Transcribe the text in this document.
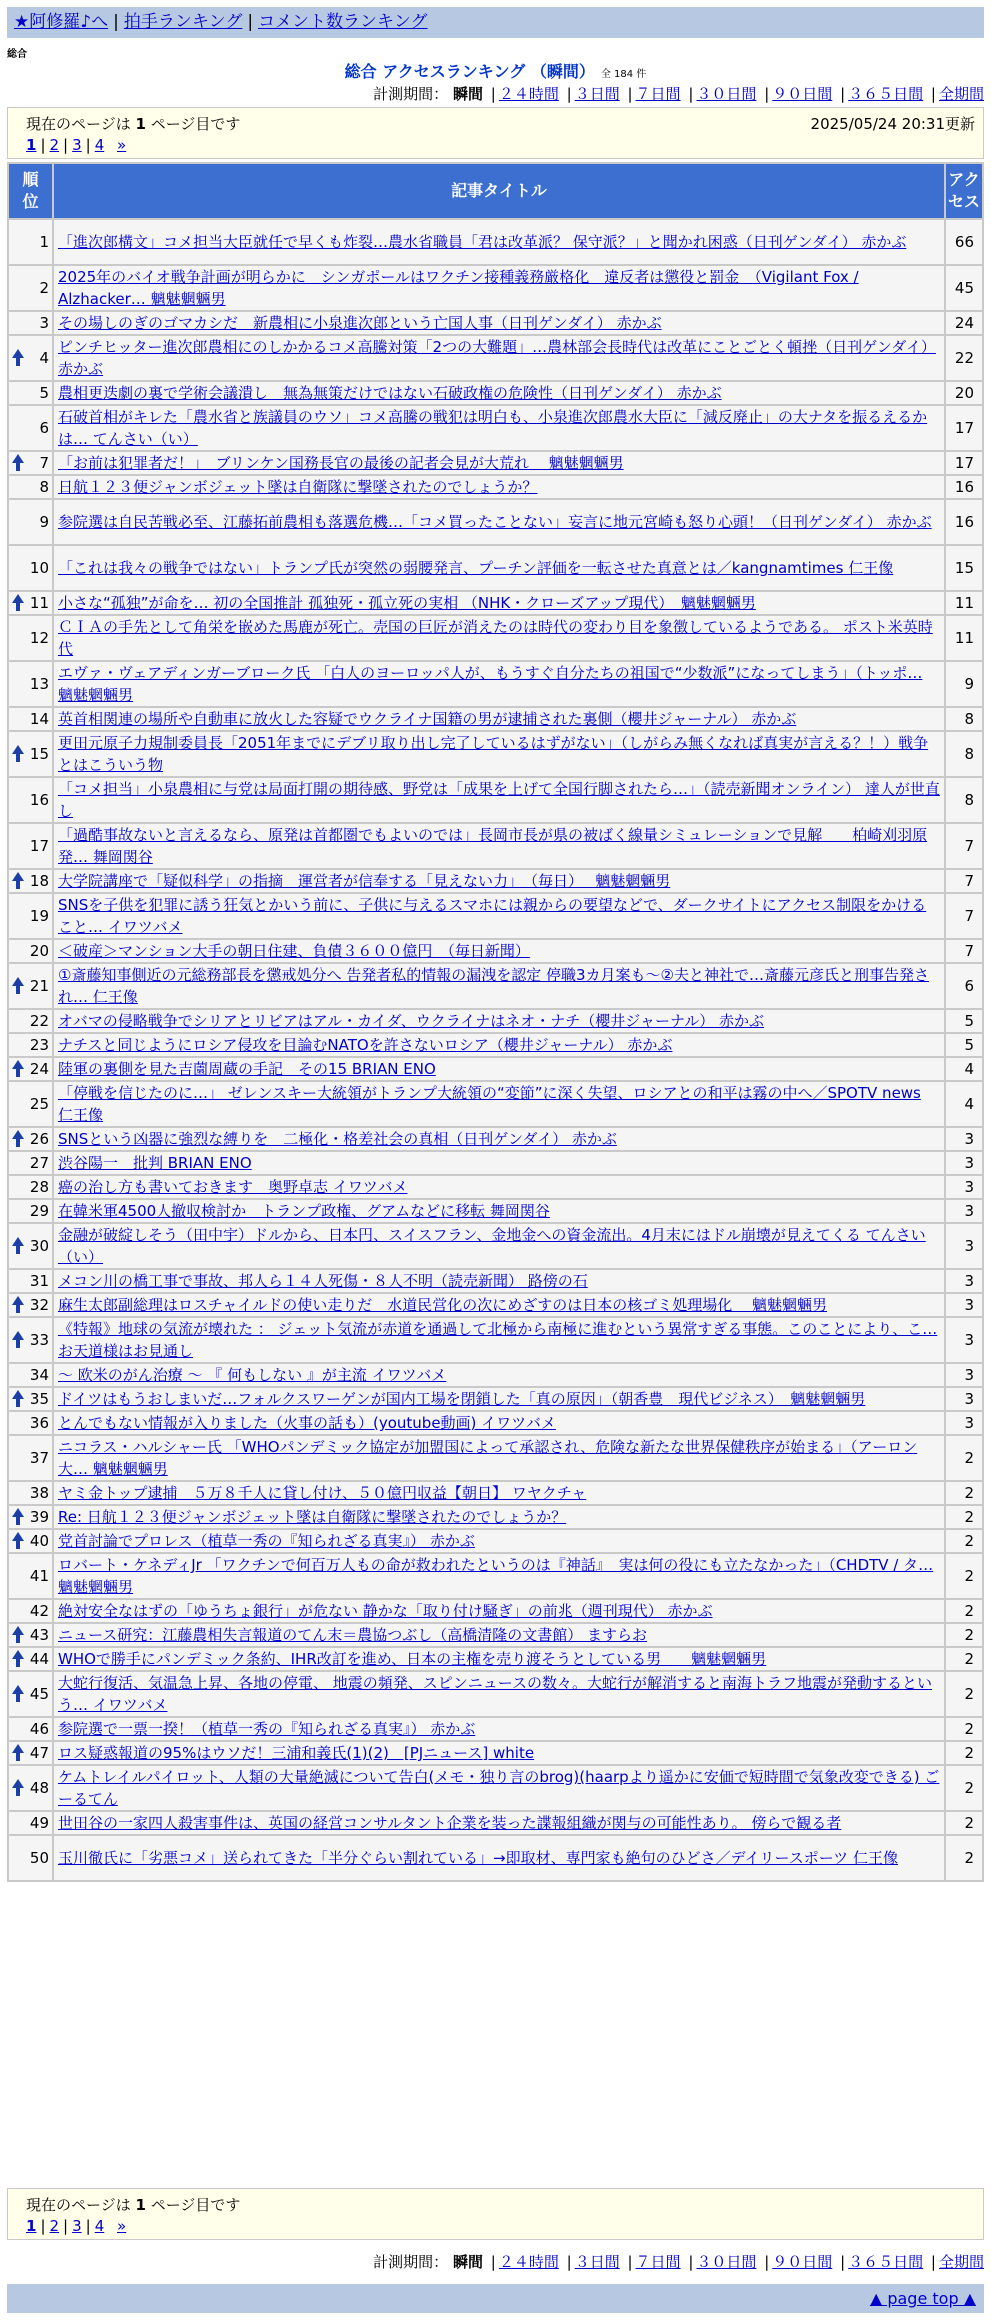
★阿修羅♪へ | 拍手ランキング | コメント数ランキング
総合
総合 アクセスランキング （瞬間） 全 184 件
計測期間： 瞬間 | ２４時間 | ３日間 | ７日間 | ３０日間 | ９０日間 | ３６５日間 | 全期間
現在のページは 1 ページ目です	2025/05/24 20:31更新
1 | 2 | 3 | 4 »
順位	記事タイトル	アクセス

1	「進次郎構文」コメ担当大臣就任で早くも炸裂…農水省職員「君は改革派？ 保守派？」と聞かれ困惑（日刊ゲンダイ） 赤かぶ	66
2	2025年のバイオ戦争計画が明らかに　シンガポールはワクチン接種義務厳格化　違反者は懲役と罰金　（Vigilant Fox / Alzhacker… 魑魅魍魎男	45
3	その場しのぎのゴマカシだ　新農相に小泉進次郎という亡国人事（日刊ゲンダイ） 赤かぶ	24

4	ピンチヒッター進次郎農相にのしかかるコメ高騰対策「2つの大難題」…農林部会長時代は改革にことごとく頓挫（日刊ゲンダイ） 赤かぶ	22
5	農相更迭劇の裏で学術会議潰し　無為無策だけではない石破政権の危険性（日刊ゲンダイ） 赤かぶ	20
6	石破首相がキレた「農水省と族議員のウソ」コメ高騰の戦犯は明白も、小泉進次郎農水大臣に「減反廃止」の大ナタを振るえるかは… てんさい（い）	17

7	「お前は犯罪者だ！」　ブリンケン国務長官の最後の記者会見が大荒れ　 魑魅魍魎男	17
8	日航１２３便ジャンボジェット墜は自衛隊に撃墜されたのでしょうか？	16
9	参院選は自民苦戦必至、江藤拓前農相も落選危機…「コメ買ったことない」妄言に地元宮崎も怒り心頭！（日刊ゲンダイ） 赤かぶ	16
10	「これは我々の戦争ではない」トランプ氏が突然の弱腰発言、プーチン評価を一転させた真意とは／kangnamtimes 仁王像	15

11	小さな“孤独”が命を… 初の全国推計 孤独死・孤立死の実相 （NHK・クローズアップ現代）　魑魅魍魎男	11
12	ＣＩＡの手先として角栄を嵌めた馬鹿が死亡。売国の巨匠が消えたのは時代の変わり目を象徴しているようである。 ポスト米英時代	11
13	エヴァ・ヴェアディンガーブローク氏 「白人のヨーロッパ人が、もうすぐ自分たちの祖国で“少数派”になってしまう」（トッポ… 魑魅魍魎男	9
14	英首相関連の場所や自動車に放火した容疑でウクライナ国籍の男が逮捕された裏側（櫻井ジャーナル） 赤かぶ	8

15	更田元原子力規制委員長「2051年までにデブリ取り出し完了しているはずがない」（しがらみ無くなれば真実が言える？！）戦争とはこういう物	8
16	「コメ担当」小泉農相に与党は局面打開の期待感、野党は「成果を上げて全国行脚されたら…」（読売新聞オンライン） 達人が世直し	8
17	「過酷事故ないと言えるなら、原発は首都圏でもよいのでは」長岡市長が県の被ばく線量シミュレーションで見解　　柏崎刈羽原発… 舞岡関谷	7

18	大学院講座で「疑似科学」の指摘　運営者が信奉する「見えない力」　（毎日）　 魑魅魍魎男	7
19	SNSを子供を犯罪に誘う狂気とかいう前に、子供に与えるスマホには親からの要望などで、ダークサイトにアクセス制限をかけること… イワツバメ	7
20	＜破産＞マンション大手の朝日住建、負債３６００億円　（毎日新聞）	7

21	①斎藤知事側近の元総務部長を懲戒処分へ 告発者私的情報の漏洩を認定 停職3カ月案も～②夫と神社で…斎藤元彦氏と刑事告発され… 仁王像	6
22	オバマの侵略戦争でシリアとリビアはアル・カイダ、ウクライナはネオ・ナチ（櫻井ジャーナル） 赤かぶ	5
23	ナチスと同じようにロシア侵攻を目論むNATOを許さないロシア（櫻井ジャーナル） 赤かぶ	5

24	陸軍の裏側を見た吉薗周蔵の手記　その15 BRIAN ENO	4
25	「停戦を信じたのに…」 ゼレンスキー大統領がトランプ大統領の“変節”に深く失望、ロシアとの和平は霧の中へ／SPOTV news 仁王像	4

26	SNSという凶器に強烈な縛りを　二極化・格差社会の真相（日刊ゲンダイ） 赤かぶ	3
27	渋谷陽一　批判 BRIAN ENO	3
28	癌の治し方も書いておきます　奥野卓志 イワツバメ	3
29	在韓米軍4500人撤収検討か　トランプ政権、グアムなどに移転 舞岡関谷	3

30	金融が破綻しそう（田中宇）ドルから、日本円、スイスフラン、金地金への資金流出。4月末にはドル崩壊が見えてくる てんさい（い）	3
31	メコン川の橋工事で事故、邦人ら１４人死傷・８人不明（読売新聞） 路傍の石	3

32	麻生太郎副総理はロスチャイルドの使い走りだ　水道民営化の次にめざすのは日本の核ゴミ処理場化　 魑魅魍魎男	3

33	《特報》地球の気流が壊れた ： ジェット気流が赤道を通過して北極から南極に進むという異常すぎる事態。このことにより、こ… お天道様はお見通し	3
34	～ 欧米のがん治療 ～ 『 何もしない 』が主流 イワツバメ	3

35	ドイツはもうおしまいだ…フォルクスワーゲンが国内工場を閉鎖した「真の原因」（朝香豊　現代ビジネス）　魑魅魍魎男	3
36	とんでもない情報が入りました（火事の話も）(youtube動画) イワツバメ	3
37	ニコラス・ハルシャー氏 「WHOパンデミック協定が加盟国によって承認され、危険な新たな世界保健秩序が始まる」（アーロン大… 魑魅魍魎男	2
38	ヤミ金トップ逮捕　５万８千人に貸し付け、５０億円収益【朝日】 ワヤクチャ	2

39	Re: 日航１２３便ジャンボジェット墜は自衛隊に撃墜されたのでしょうか？	2

40	党首討論でプロレス（植草一秀の『知られざる真実』） 赤かぶ	2
41	ロバート・ケネディJr 「ワクチンで何百万人もの命が救われたというのは『神話』　実は何の役にも立たなかった」（CHDTV / タ… 魑魅魍魎男	2
42	絶対安全なはずの「ゆうちょ銀行」が危ない 静かな「取り付け騒ぎ」の前兆（週刊現代） 赤かぶ	2

43	ニュース研究：江藤農相失言報道のてん末＝農協つぶし（高橋清隆の文書館） ますらお	2

44	WHOで勝手にパンデミック条約、IHR改訂を進め、日本の主権を売り渡そうとしている男　　魑魅魍魎男	2

45	大蛇行復活、気温急上昇、各地の停電、 地震の頻発、スピンニュースの数々。大蛇行が解消すると南海トラフ地震が発動するという… イワツバメ	2
46	参院選で一票一揆！（植草一秀の『知られざる真実』） 赤かぶ	2

47	ロス疑惑報道の95%はウソだ！三浦和義氏(1)(2)　[PJニュース] white	2

48	ケムトレイルパイロット、人類の大量絶滅について告白(メモ・独り言のbrog)(haarpより遥かに安価で短時間で気象改変できる) ごーるてん	2
49	世田谷の一家四人殺害事件は、英国の経営コンサルタント企業を装った諜報組織が関与の可能性あり。 傍らで観る者	2
50	玉川徹氏に「劣悪コメ」送られてきた「半分ぐらい割れている」→即取材、専門家も絶句のひどさ／デイリースポーツ 仁王像	2
現在のページは 1 ページ目です
1 | 2 | 3 | 4 »
計測期間： 瞬間 | ２４時間 | ３日間 | ７日間 | ３０日間 | ９０日間 | ３６５日間 | 全期間
▲ page top ▲
